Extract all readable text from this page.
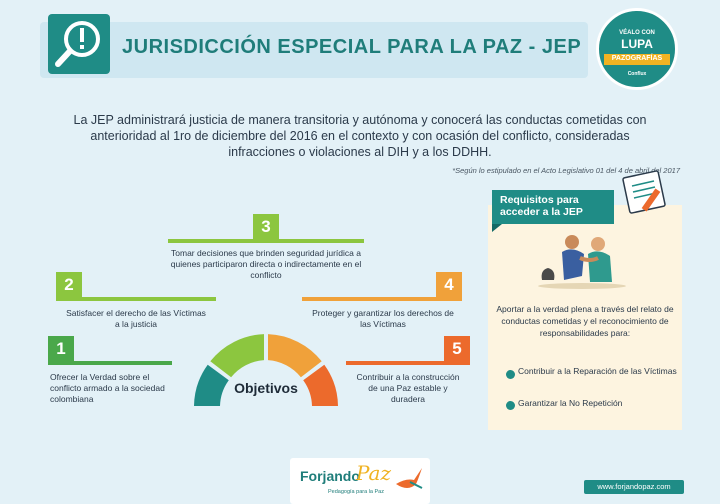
JURISDICCIÓN ESPECIAL PARA LA PAZ - JEP
VÉALO CON
LUPA
PAZOGRAFÍAS
Conflux
La JEP administrará justicia de manera transitoria y autónoma y conocerá las conductas cometidas con anterioridad al 1ro de diciembre del 2016 en el contexto y con ocasión del conflicto, consideradas infracciones o violaciones al DIH y a los DDHH.
*Según lo estipulado en el Acto Legislativo 01 del 4 de abril del 2017
3
Tomar decisiones que brinden seguridad jurídica a quienes participaron directa o indirectamente en el conflicto
2
Satisfacer el derecho de las Víctimas a la justicia
1
Ofrecer la Verdad sobre el conflicto armado a la sociedad colombiana
4
Proteger y garantizar los derechos de las Víctimas
5
Contribuir a la construcción de una Paz estable y duradera
Objetivos
Requisitos para acceder a la JEP
Aportar a la verdad plena a través del relato de conductas cometidas y el reconocimiento de responsabilidades para:
Contribuir a la Reparación de las Víctimas
Garantizar la No Repetición
Forjando
Paz
Pedagogía para la Paz
www.forjandopaz.com
